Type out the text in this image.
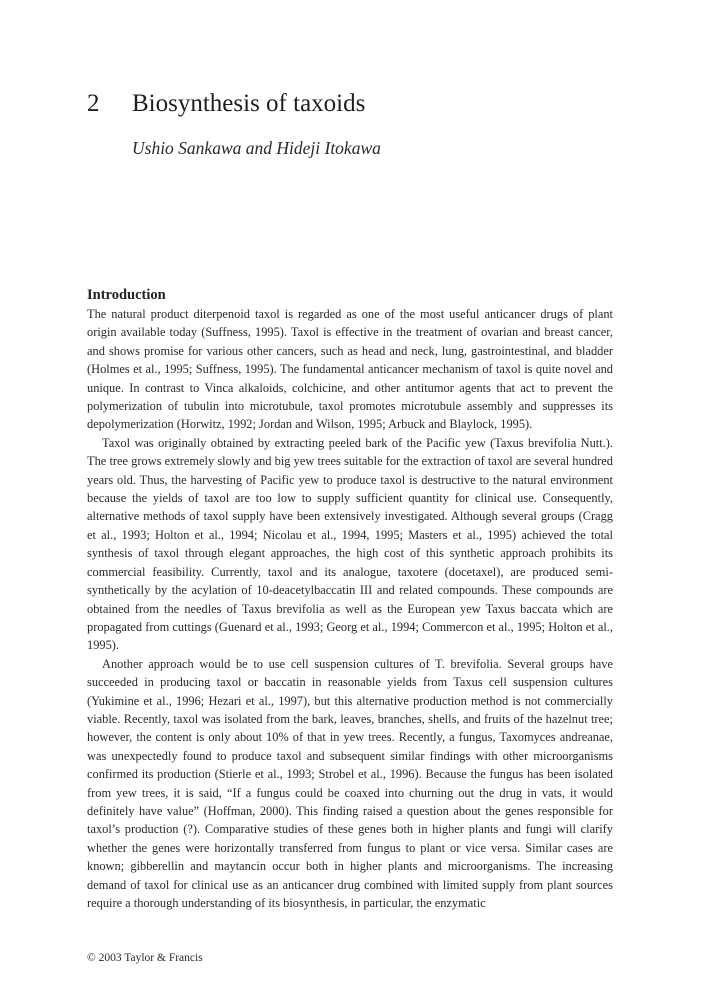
2 Biosynthesis of taxoids
Ushio Sankawa and Hideji Itokawa
Introduction

The natural product diterpenoid taxol is regarded as one of the most useful anticancer drugs of plant origin available today (Suffness, 1995). Taxol is effective in the treatment of ovarian and breast cancer, and shows promise for various other cancers, such as head and neck, lung, gastrointestinal, and bladder (Holmes et al., 1995; Suffness, 1995). The fundamental anticancer mechanism of taxol is quite novel and unique. In contrast to Vinca alkaloids, colchicine, and other antitumor agents that act to prevent the polymerization of tubulin into microtubule, taxol promotes microtubule assembly and suppresses its depolymerization (Horwitz, 1992; Jordan and Wilson, 1995; Arbuck and Blaylock, 1995).

Taxol was originally obtained by extracting peeled bark of the Pacific yew (Taxus brevifolia Nutt.). The tree grows extremely slowly and big yew trees suitable for the extraction of taxol are several hundred years old. Thus, the harvesting of Pacific yew to produce taxol is destructive to the natural environment because the yields of taxol are too low to supply sufficient quantity for clinical use. Consequently, alternative methods of taxol supply have been extensively investigated. Although several groups (Cragg et al., 1993; Holton et al., 1994; Nicolau et al., 1994, 1995; Masters et al., 1995) achieved the total synthesis of taxol through elegant approaches, the high cost of this synthetic approach prohibits its commercial feasibility. Currently, taxol and its analogue, taxotere (docetaxel), are produced semi-synthetically by the acylation of 10-deacetylbaccatin III and related compounds. These compounds are obtained from the needles of Taxus brevifolia as well as the European yew Taxus baccata which are propagated from cuttings (Guenard et al., 1993; Georg et al., 1994; Commercon et al., 1995; Holton et al., 1995).

Another approach would be to use cell suspension cultures of T. brevifolia. Several groups have succeeded in producing taxol or baccatin in reasonable yields from Taxus cell suspension cultures (Yukimine et al., 1996; Hezari et al., 1997), but this alternative production method is not commercially viable. Recently, taxol was isolated from the bark, leaves, branches, shells, and fruits of the hazelnut tree; however, the content is only about 10% of that in yew trees. Recently, a fungus, Taxomyces andreanae, was unexpectedly found to produce taxol and subsequent similar findings with other microorganisms confirmed its production (Stierle et al., 1993; Strobel et al., 1996). Because the fungus has been isolated from yew trees, it is said, “If a fungus could be coaxed into churning out the drug in vats, it would definitely have value” (Hoffman, 2000). This finding raised a question about the genes responsible for taxol’s production (?). Comparative studies of these genes both in higher plants and fungi will clarify whether the genes were horizontally transferred from fungus to plant or vice versa. Similar cases are known; gibberellin and maytancin occur both in higher plants and microorganisms. The increasing demand of taxol for clinical use as an anticancer drug combined with limited supply from plant sources require a thorough understanding of its biosynthesis, in particular, the enzymatic

© 2003 Taylor & Francis
